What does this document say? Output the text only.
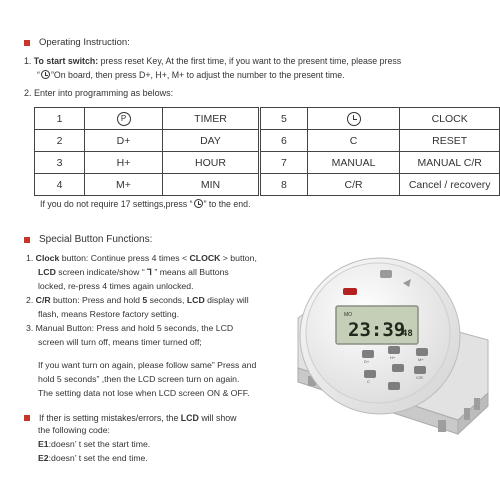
Operating Instruction:
1. To start switch: press reset Key, At the first time, if you want to the present time, please press
“ ”On board, then press D+, H+, M+ to adjust the number to the present time.
2. Enter into programming as belows:
1	P	TIMER
2	D+	DAY
3	H+	HOUR
4	M+	MIN
5		CLOCK
6	C	RESET
7	MANUAL	MANUAL C/R
8	C/R	Cancel / recovery
If you do not require 17 settings,press “ ” to the end.
Special Button Functions:
1. Clock button: Continue press 4 times < CLOCK > button,
LCD screen indicate/show “ Ꞁ ” means all Buttons
locked, re-press 4 times again unlocked.
2. C/R button: Press and hold 5 seconds, LCD display will
flash, means Restore factory setting.
3. Manual Button: Press and hold 5 seconds, the LCD
screen will turn off, means timer turned off;
If you want turn on again, please follow same” Press and
hold 5 seconds” ,then the LCD screen turn on again.
The setting data not lose when LCD screen ON & OFF.
If ther is setting mistakes/errors, the LCD will show
the following code:
E1:doesn’ t set the start time.
E2:doesn’ t set the end time.
MO
23:39
48
D+
H+	M+
C
C/R
